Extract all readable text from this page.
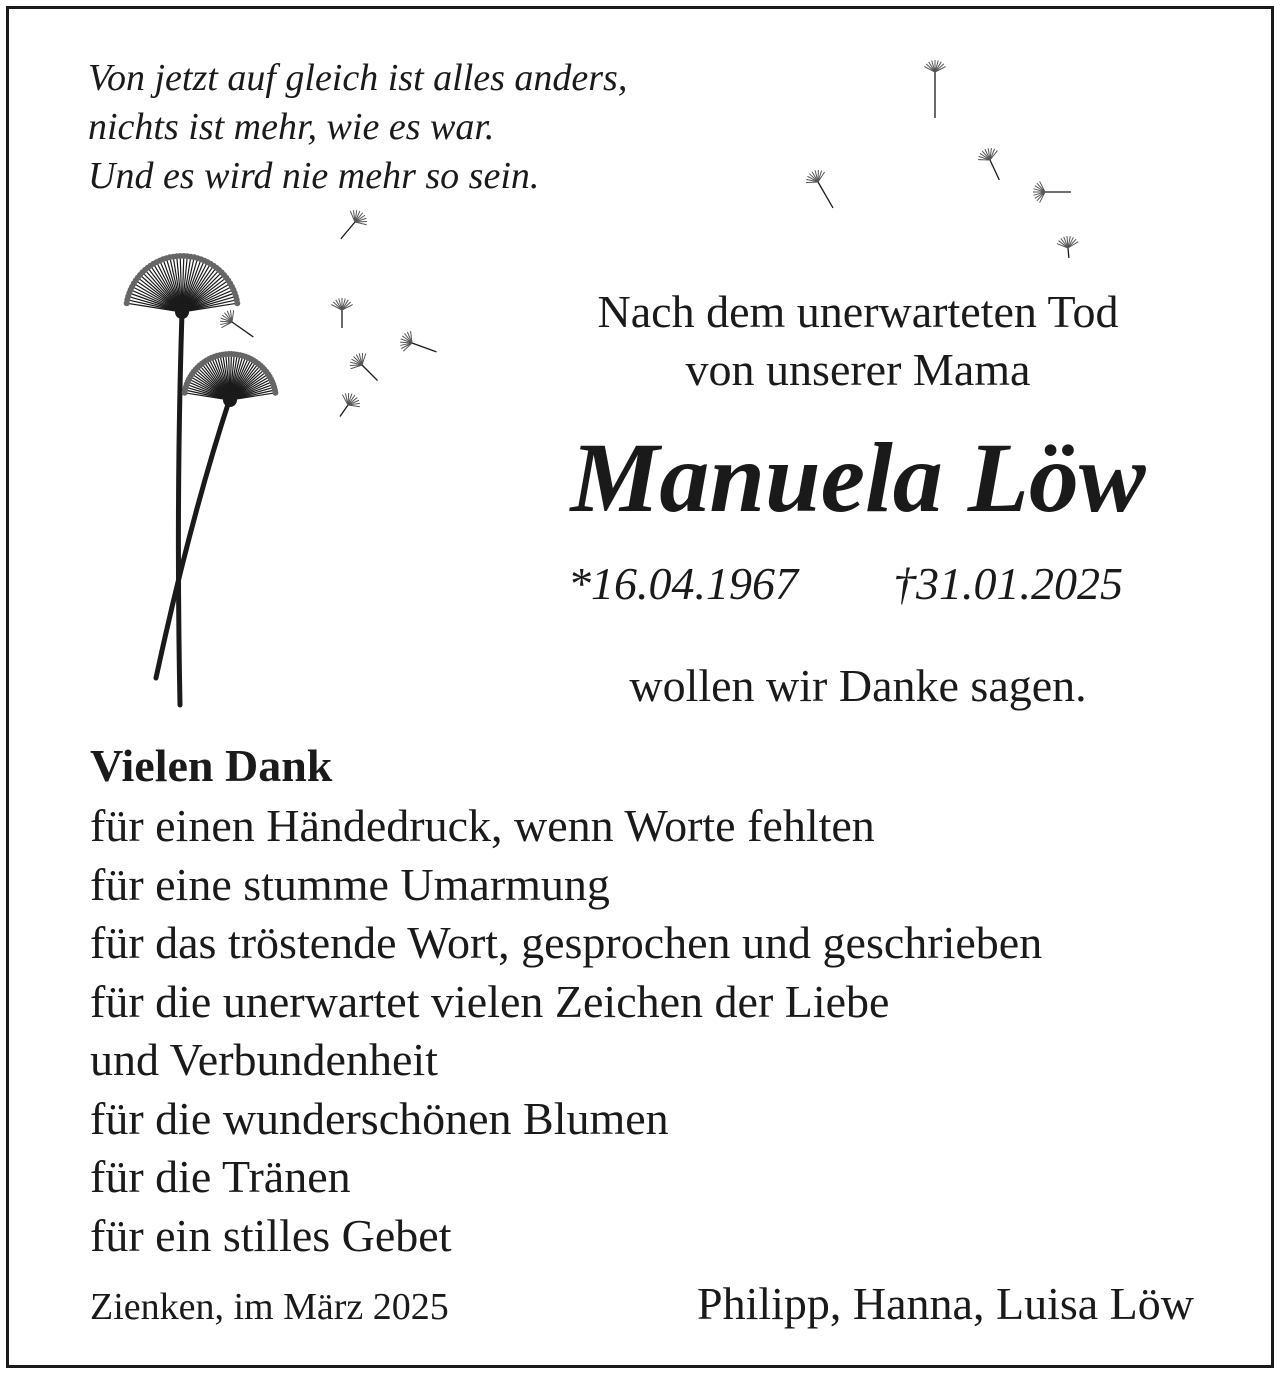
Von jetzt auf gleich ist alles anders,
nichts ist mehr, wie es war.
Und es wird nie mehr so sein.
Nach dem unerwarteten Tod
von unserer Mama
Manuela Löw
*16.04.1967 †31.01.2025
wollen wir Danke sagen.
Vielen Dank
für einen Händedruck, wenn Worte fehlten
für eine stumme Umarmung
für das tröstende Wort, gesprochen und geschrieben
für die unerwartet vielen Zeichen der Liebe
und Verbundenheit
für die wunderschönen Blumen
für die Tränen
für ein stilles Gebet
Zienken, im März 2025	Philipp, Hanna, Luisa Löw
